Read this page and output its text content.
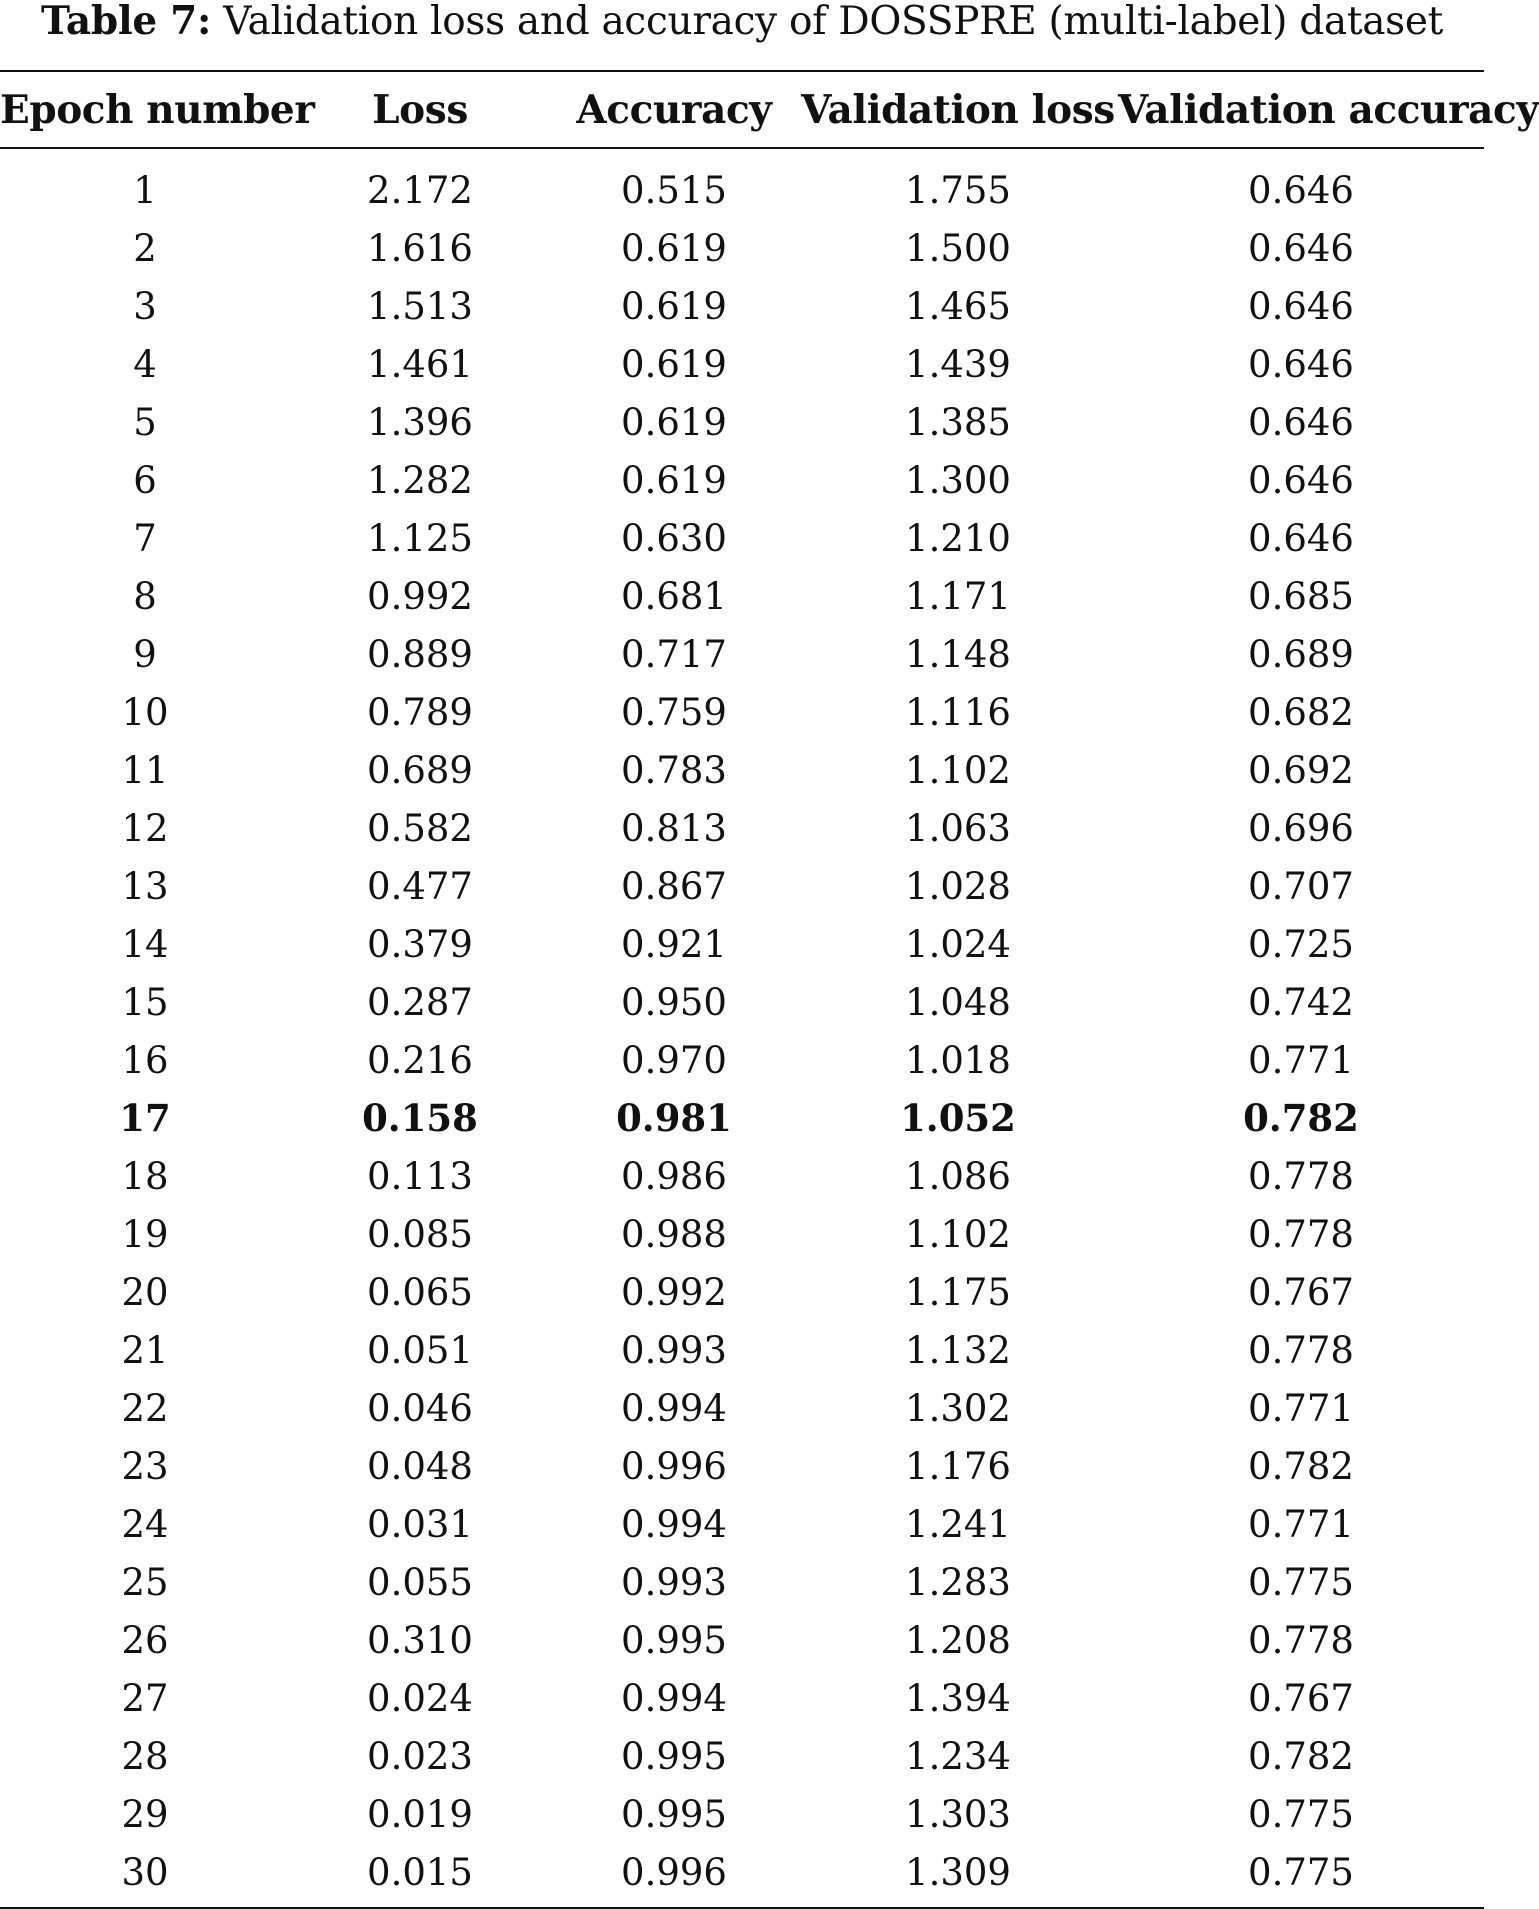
Table 7: Validation loss and accuracy of DOSSPRE (multi-label) dataset
Epoch number	Loss	Accuracy	Validation loss	Validation accuracy
1	2.172	0.515	1.755	0.646
2	1.616	0.619	1.500	0.646
3	1.513	0.619	1.465	0.646
4	1.461	0.619	1.439	0.646
5	1.396	0.619	1.385	0.646
6	1.282	0.619	1.300	0.646
7	1.125	0.630	1.210	0.646
8	0.992	0.681	1.171	0.685
9	0.889	0.717	1.148	0.689
10	0.789	0.759	1.116	0.682
11	0.689	0.783	1.102	0.692
12	0.582	0.813	1.063	0.696
13	0.477	0.867	1.028	0.707
14	0.379	0.921	1.024	0.725
15	0.287	0.950	1.048	0.742
16	0.216	0.970	1.018	0.771
17	0.158	0.981	1.052	0.782
18	0.113	0.986	1.086	0.778
19	0.085	0.988	1.102	0.778
20	0.065	0.992	1.175	0.767
21	0.051	0.993	1.132	0.778
22	0.046	0.994	1.302	0.771
23	0.048	0.996	1.176	0.782
24	0.031	0.994	1.241	0.771
25	0.055	0.993	1.283	0.775
26	0.310	0.995	1.208	0.778
27	0.024	0.994	1.394	0.767
28	0.023	0.995	1.234	0.782
29	0.019	0.995	1.303	0.775
30	0.015	0.996	1.309	0.775
